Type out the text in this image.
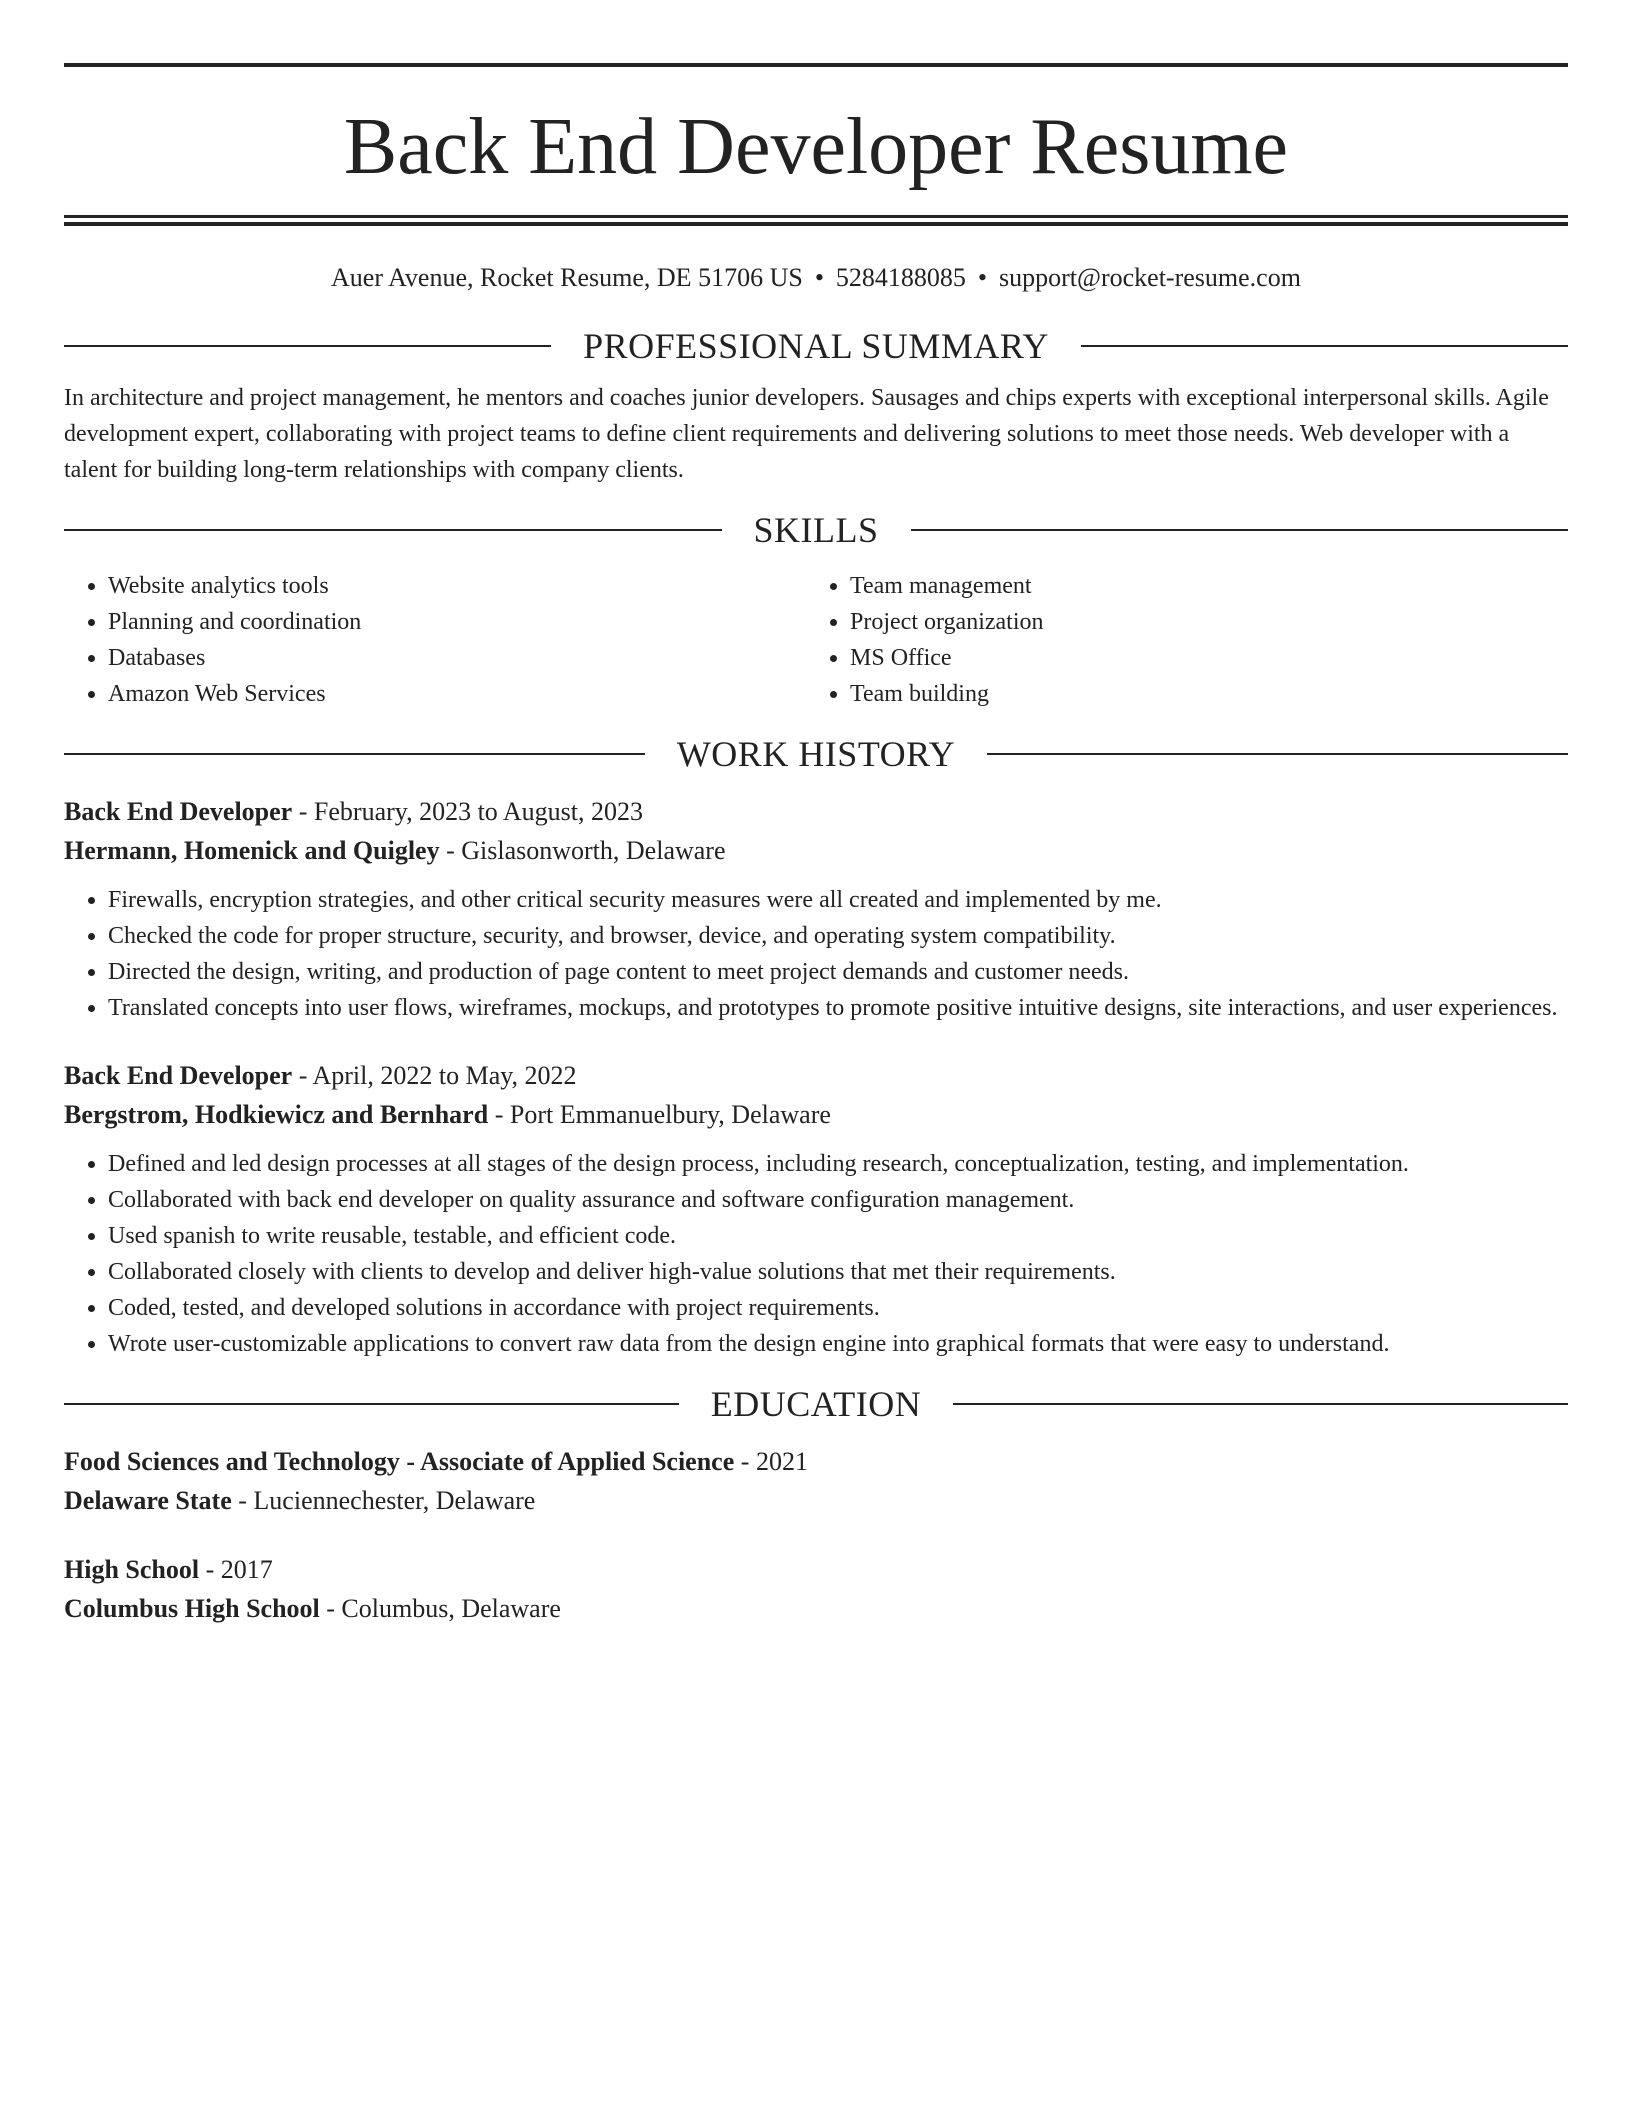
Back End Developer Resume
Auer Avenue, Rocket Resume, DE 51706 US • 5284188085 • support@rocket-resume.com
PROFESSIONAL SUMMARY

In architecture and project management, he mentors and coaches junior developers. Sausages and chips experts with exceptional interpersonal skills. Agile development expert, collaborating with project teams to define client requirements and delivering solutions to meet those needs. Web developer with a talent for building long-term relationships with company clients.

SKILLS
• Website analytics tools
• Planning and coordination
• Databases
• Amazon Web Services
• Team management
• Project organization
• MS Office
• Team building
WORK HISTORY

Back End Developer - February, 2023 to August, 2023

Hermann, Homenick and Quigley - Gislasonworth, Delaware

• Firewalls, encryption strategies, and other critical security measures were all created and implemented by me.
• Checked the code for proper structure, security, and browser, device, and operating system compatibility.
• Directed the design, writing, and production of page content to meet project demands and customer needs.
• Translated concepts into user flows, wireframes, mockups, and prototypes to promote positive intuitive designs, site interactions, and user experiences.

Back End Developer - April, 2022 to May, 2022

Bergstrom, Hodkiewicz and Bernhard - Port Emmanuelbury, Delaware

• Defined and led design processes at all stages of the design process, including research, conceptualization, testing, and implementation.
• Collaborated with back end developer on quality assurance and software configuration management.
• Used spanish to write reusable, testable, and efficient code.
• Collaborated closely with clients to develop and deliver high-value solutions that met their requirements.
• Coded, tested, and developed solutions in accordance with project requirements.
• Wrote user-customizable applications to convert raw data from the design engine into graphical formats that were easy to understand.
EDUCATION

Food Sciences and Technology - Associate of Applied Science - 2021

Delaware State - Luciennechester, Delaware

High School - 2017

Columbus High School - Columbus, Delaware
